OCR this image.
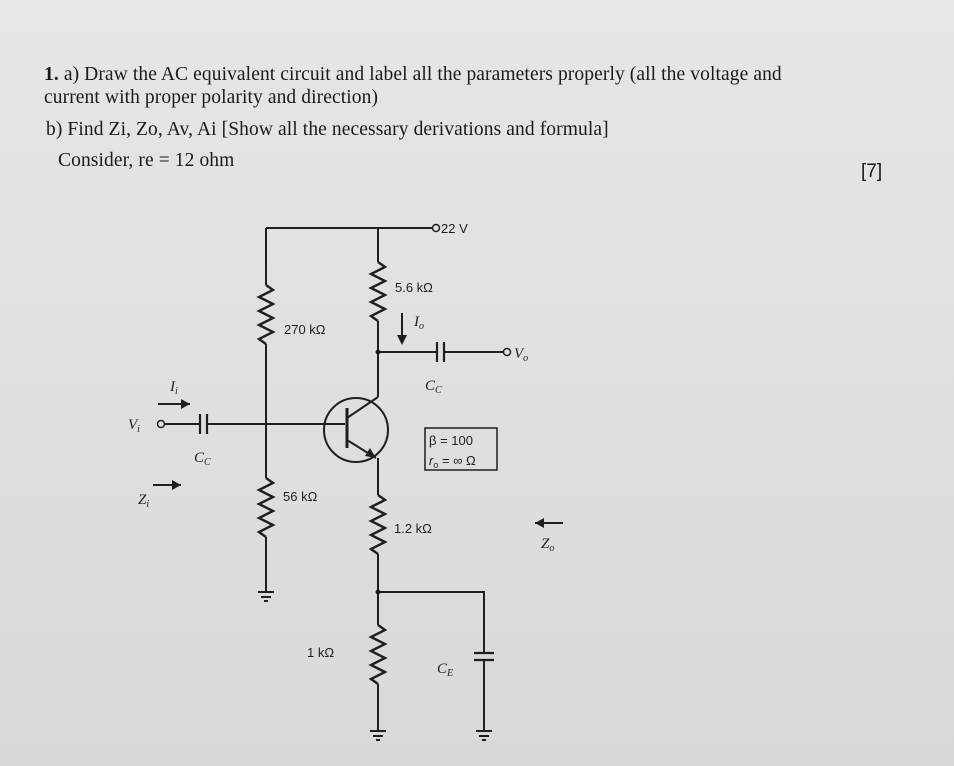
1. a) Draw the AC equivalent circuit and label all the parameters properly (all the voltage and
current with proper polarity and direction)
b) Find Zi, Zo, Av, Ai [Show all the necessary derivations and formula]
Consider, re = 12 ohm
[7]
22 V
270 kΩ
56 kΩ
$V_i$
$C_C$
$I_i$
$Z_i$
5.6 kΩ
$I_o$
$V_o$
$C_C$
β = 100
$r_o$ = ∞ Ω
1.2 kΩ
1 kΩ
$C_E$
$Z_o$
